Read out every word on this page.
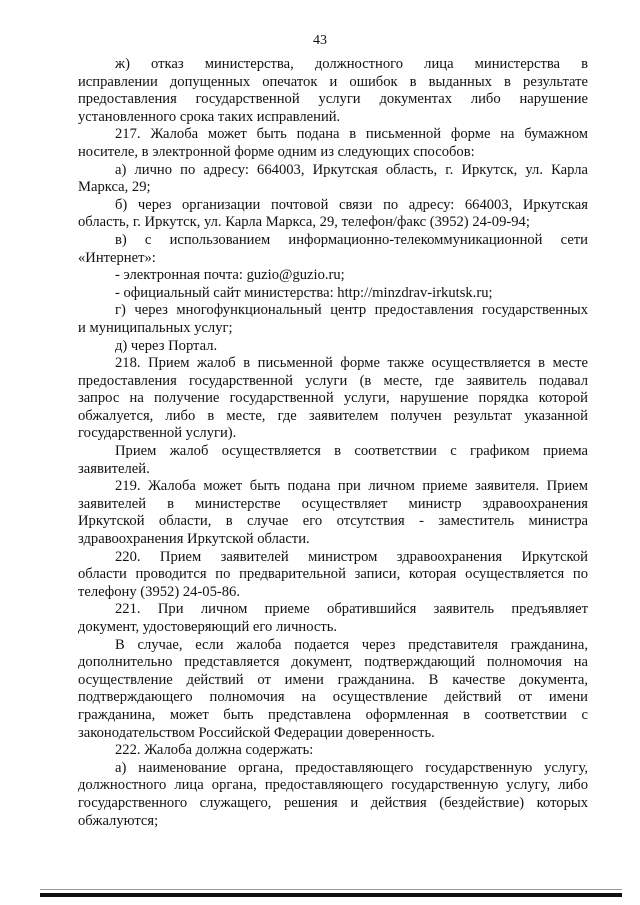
43
ж) отказ министерства, должностного лица министерства в
исправлении допущенных опечаток и ошибок в выданных в результате
предоставления государственной услуги документах либо нарушение
установленного срока таких исправлений.
217. Жалоба может быть подана в письменной форме на бумажном
носителе, в электронной форме одним из следующих способов:
а) лично по адресу: 664003, Иркутская область, г. Иркутск, ул. Карла
Маркса, 29;
б) через организации почтовой связи по адресу: 664003, Иркутская
область, г. Иркутск, ул. Карла Маркса, 29, телефон/факс (3952) 24-09-94;
в) с использованием информационно-телекоммуникационной сети
«Интернет»:
- электронная почта: guzio@guzio.ru;
- официальный сайт министерства: http://minzdrav-irkutsk.ru;
г) через многофункциональный центр предоставления государственных
и муниципальных услуг;
д) через Портал.
218. Прием жалоб в письменной форме также осуществляется в месте
предоставления государственной услуги (в месте, где заявитель подавал
запрос на получение государственной услуги, нарушение порядка которой
обжалуется, либо в месте, где заявителем получен результат указанной
государственной услуги).
Прием жалоб осуществляется в соответствии с графиком приема
заявителей.
219. Жалоба может быть подана при личном приеме заявителя. Прием
заявителей в министерстве осуществляет министр здравоохранения
Иркутской области, в случае его отсутствия - заместитель министра
здравоохранения Иркутской области.
220. Прием заявителей министром здравоохранения Иркутской
области проводится по предварительной записи, которая осуществляется по
телефону (3952) 24-05-86.
221. При личном приеме обратившийся заявитель предъявляет
документ, удостоверяющий его личность.
В случае, если жалоба подается через представителя гражданина,
дополнительно представляется документ, подтверждающий полномочия на
осуществление действий от имени гражданина. В качестве документа,
подтверждающего полномочия на осуществление действий от имени
гражданина, может быть представлена оформленная в соответствии с
законодательством Российской Федерации доверенность.
222. Жалоба должна содержать:
а) наименование органа, предоставляющего государственную услугу,
должностного лица органа, предоставляющего государственную услугу, либо
государственного служащего, решения и действия (бездействие) которых
обжалуются;
